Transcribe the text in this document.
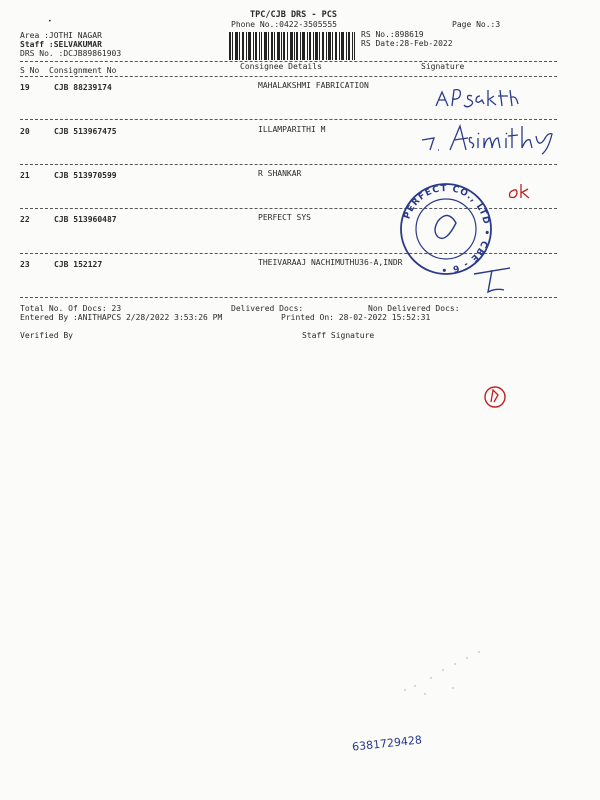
TPC/CJB DRS - PCS
Phone No.:0422-3505555	Page No.:3
RS No.:898619
RS Date:28-Feb-2022
Area :JOTHI NAGAR
Staff :SELVAKUMAR
DRS No. :DCJB89861903
•
S No Consignment No	Consignee Details	Signature
19	CJB 88239174	MAHALAKSHMI FABRICATION
20	CJB 513967475	ILLAMPARITHI M
21	CJB 513970599	R SHANKAR
22	CJB 513960487	PERFECT SYS
23	CJB 152127	THEIVARAAJ NACHIMUTHU36-A,INDR
Total No. Of Docs: 23	Delivered Docs:	Non Delivered Docs:
Entered By :ANITHAPCS 2/28/2022 3:53:26 PM	Printed On: 28-02-2022 15:52:31
Verified By	Staff Signature
PERFECT CO., LTD • CBE - 6 •
6381729428
